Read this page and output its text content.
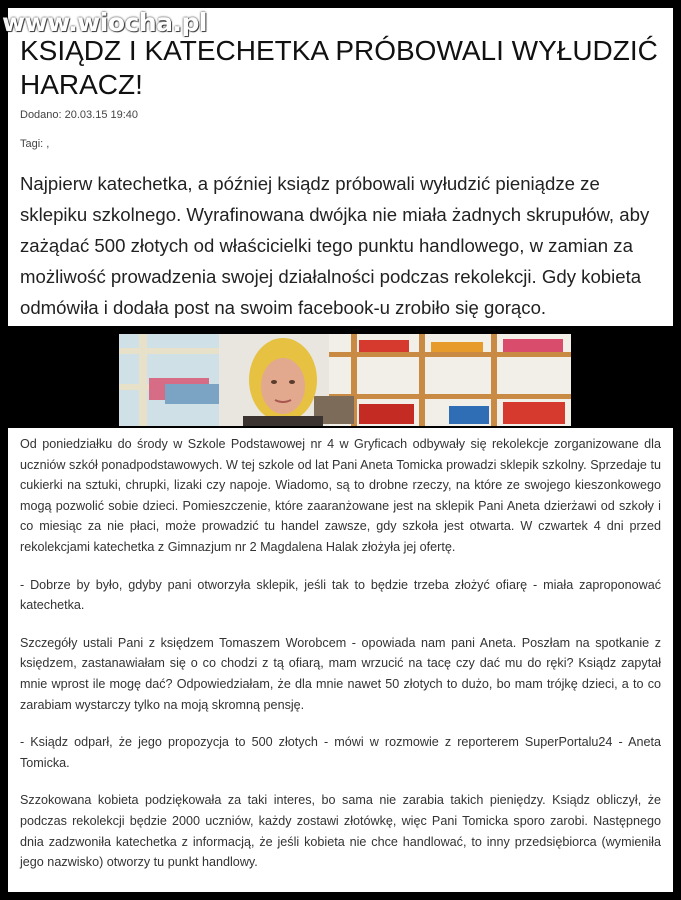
www.wiocha.pl
KSIĄDZ I KATECHETKA PRÓBOWALI WYŁUDZIĆ HARACZ!
Dodano: 20.03.15 19:40
Tagi: ,

Najpierw katechetka, a później ksiądz próbowali wyłudzić pieniądze ze sklepiku szkolnego. Wyrafinowana dwójka nie miała żadnych skrupułów, aby zażądać 500 złotych od właścicielki tego punktu handlowego, w zamian za możliwość prowadzenia swojej działalności podczas rekolekcji. Gdy kobieta odmówiła i dodała post na swoim facebook-u zrobiło się gorąco.

Od poniedziałku do środy w Szkole Podstawowej nr 4 w Gryficach odbywały się rekolekcje zorganizowane dla uczniów szkół ponadpodstawowych. W tej szkole od lat Pani Aneta Tomicka prowadzi sklepik szkolny. Sprzedaje tu cukierki na sztuki, chrupki, lizaki czy napoje. Wiadomo, są to drobne rzeczy, na które ze swojego kieszonkowego mogą pozwolić sobie dzieci. Pomieszczenie, które zaaranżowane jest na sklepik Pani Aneta dzierżawi od szkoły i co miesiąc za nie płaci, może prowadzić tu handel zawsze, gdy szkoła jest otwarta. W czwartek 4 dni przed rekolekcjami katechetka z Gimnazjum nr 2 Magdalena Halak złożyła jej ofertę.

- Dobrze by było, gdyby pani otworzyła sklepik, jeśli tak to będzie trzeba złożyć ofiarę - miała zaproponować katechetka.

Szczegóły ustali Pani z księdzem Tomaszem Worobcem - opowiada nam pani Aneta. Poszłam na spotkanie z księdzem, zastanawiałam się o co chodzi z tą ofiarą, mam wrzucić na tacę czy dać mu do ręki? Ksiądz zapytał mnie wprost ile mogę dać? Odpowiedziałam, że dla mnie nawet 50 złotych to dużo, bo mam trójkę dzieci, a to co zarabiam wystarczy tylko na moją skromną pensję.

- Ksiądz odparł, że jego propozycja to 500 złotych - mówi w rozmowie z reporterem SuperPortalu24 - Aneta Tomicka.

Szzokowana kobieta podziękowała za taki interes, bo sama nie zarabia takich pieniędzy. Ksiądz obliczył, że podczas rekolekcji będzie 2000 uczniów, każdy zostawi złotówkę, więc Pani Tomicka sporo zarobi. Następnego dnia zadzwoniła katechetka z informacją, że jeśli kobieta nie chce handlować, to inny przedsiębiorca (wymieniła jego nazwisko) otworzy tu punkt handlowy.
